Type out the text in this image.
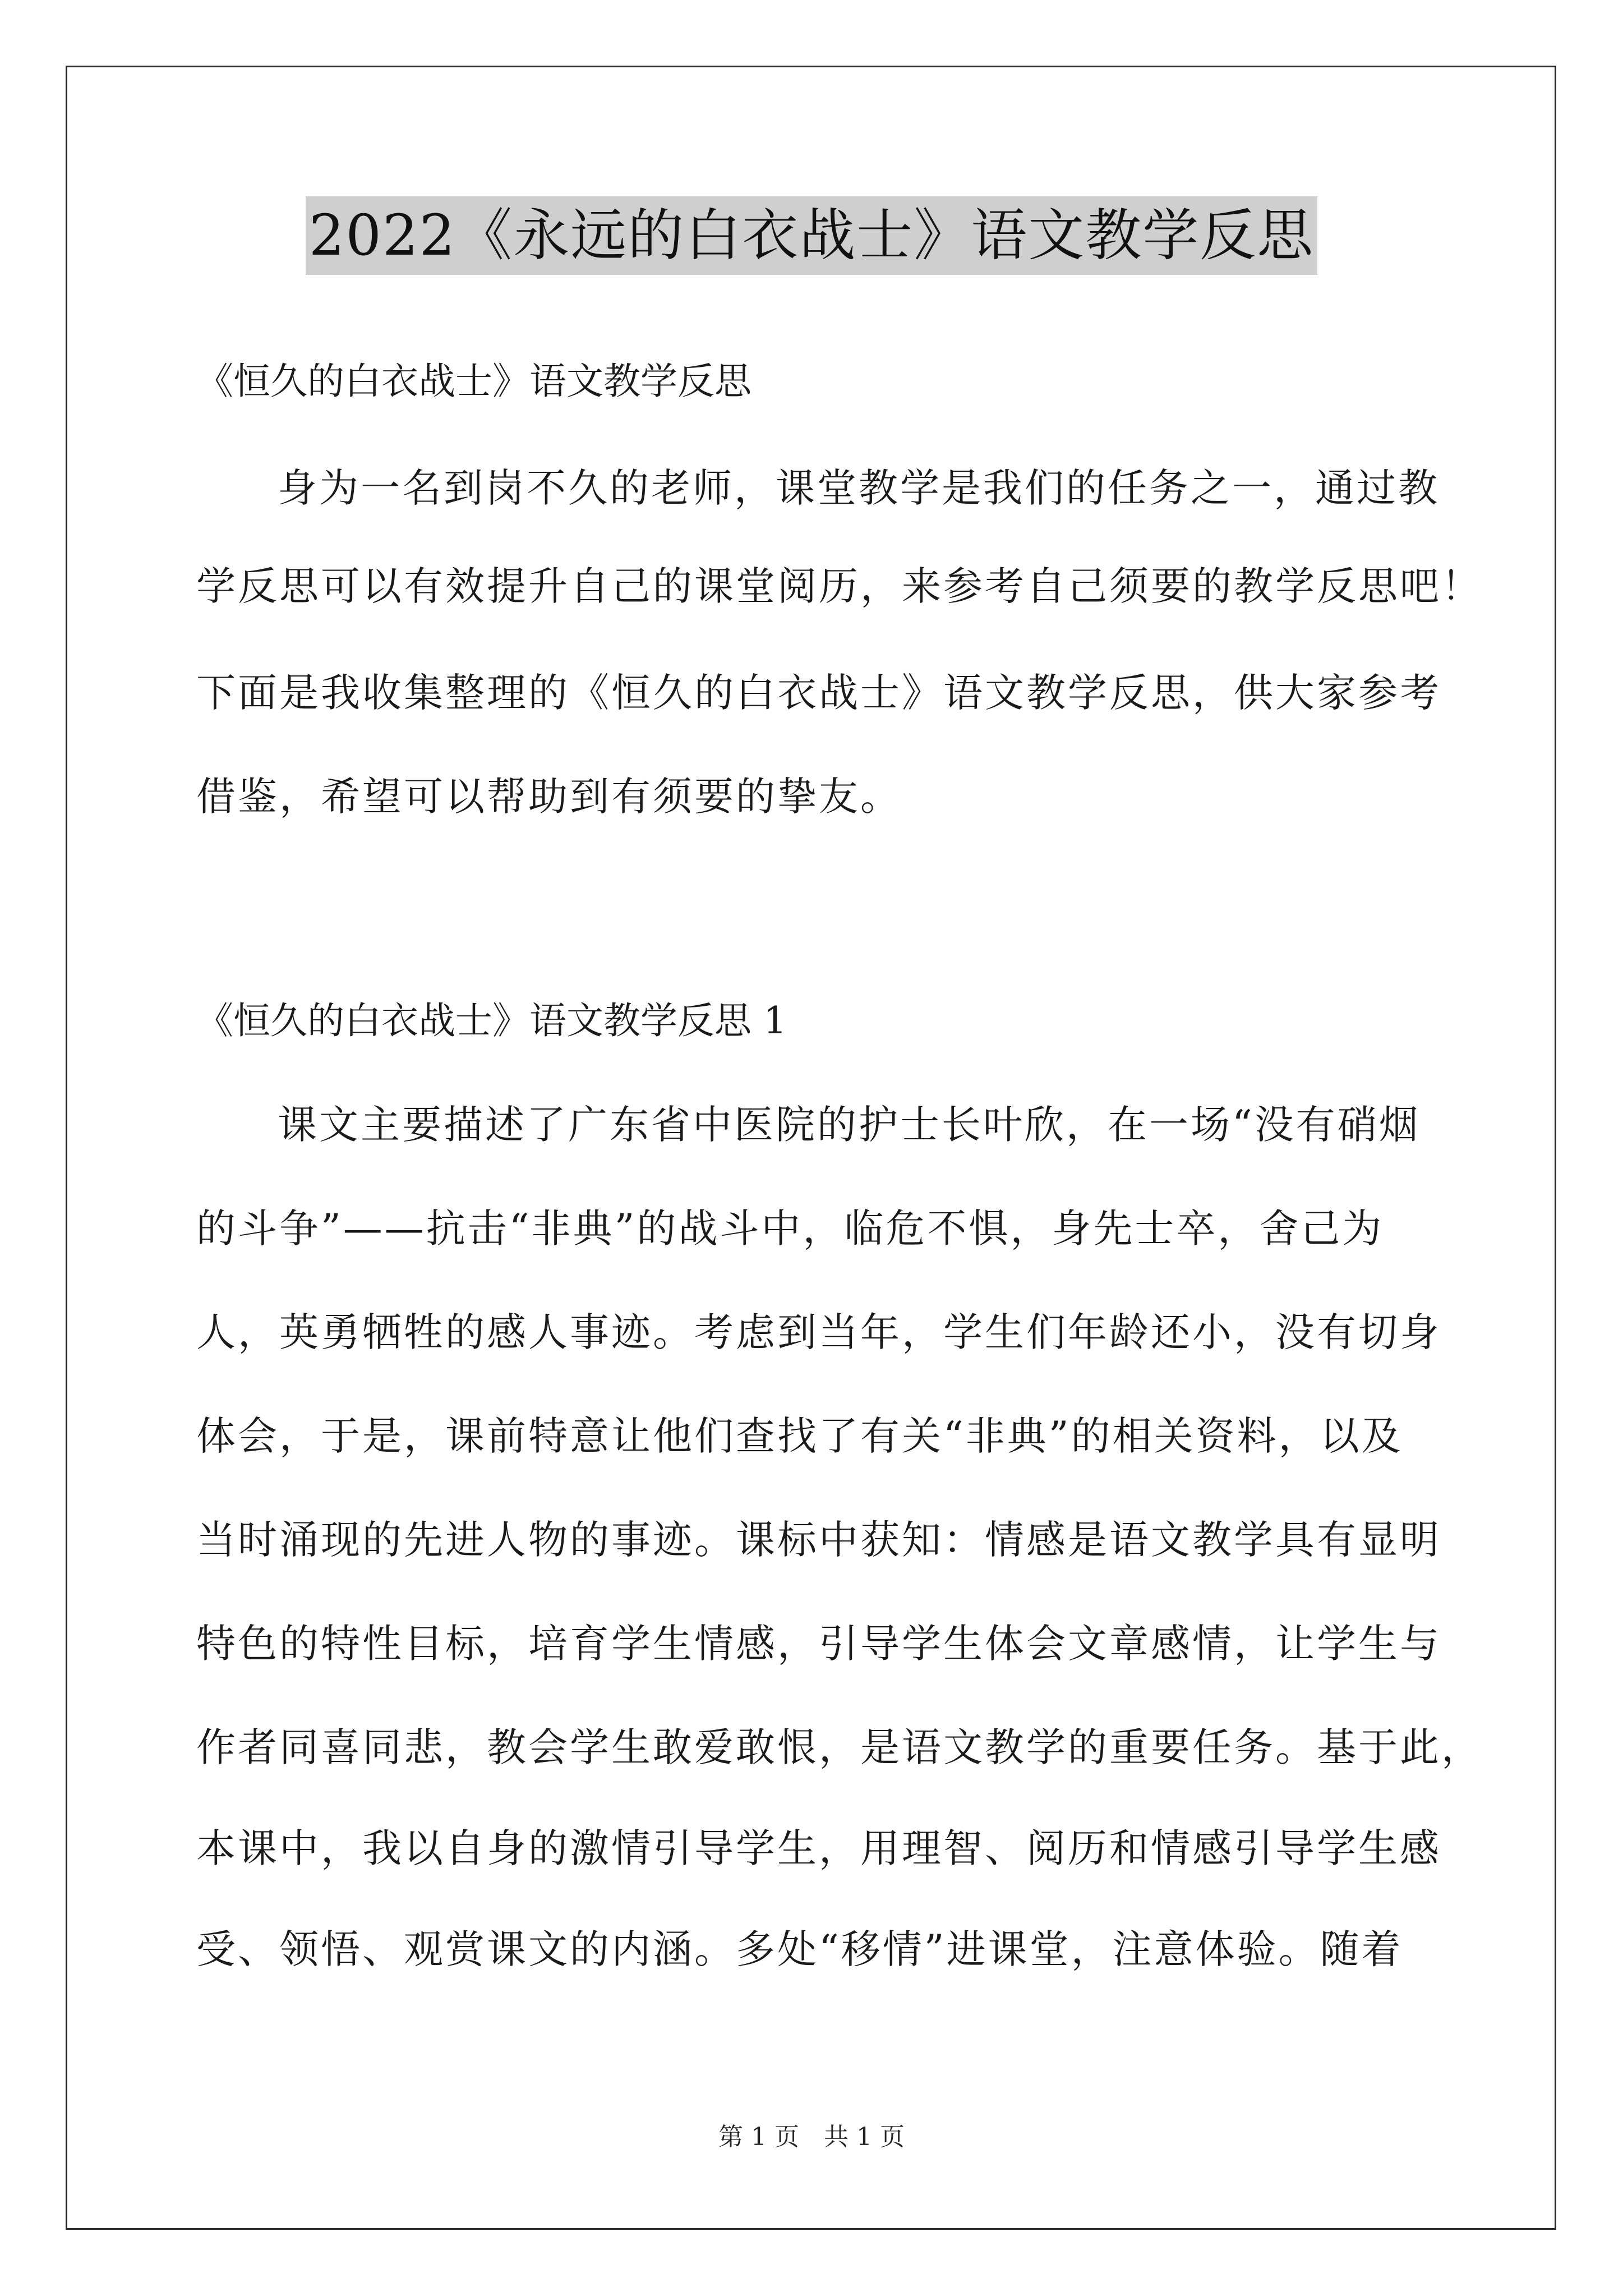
2022《永远的白衣战士》语文教学反思
《恒久的白衣战士》语文教学反思
身为一名到岗不久的老师，课堂教学是我们的任务之一，通过教
学反思可以有效提升自己的课堂阅历，来参考自己须要的教学反思吧！
下面是我收集整理的《恒久的白衣战士》语文教学反思，供大家参考
借鉴，希望可以帮助到有须要的挚友。
《恒久的白衣战士》语文教学反思 1
课文主要描述了广东省中医院的护士长叶欣，在一场“没有硝烟
的斗争”——抗击“非典”的战斗中，临危不惧，身先士卒，舍己为
人，英勇牺牲的感人事迹。考虑到当年，学生们年龄还小，没有切身
体会，于是，课前特意让他们查找了有关“非典”的相关资料，以及
当时涌现的先进人物的事迹。课标中获知：情感是语文教学具有显明
特色的特性目标，培育学生情感，引导学生体会文章感情，让学生与
作者同喜同悲，教会学生敢爱敢恨，是语文教学的重要任务。基于此，
本课中，我以自身的激情引导学生，用理智、阅历和情感引导学生感
受、领悟、观赏课文的内涵。多处“移情”进课堂，注意体验。随着
第 1 页　共 1 页
